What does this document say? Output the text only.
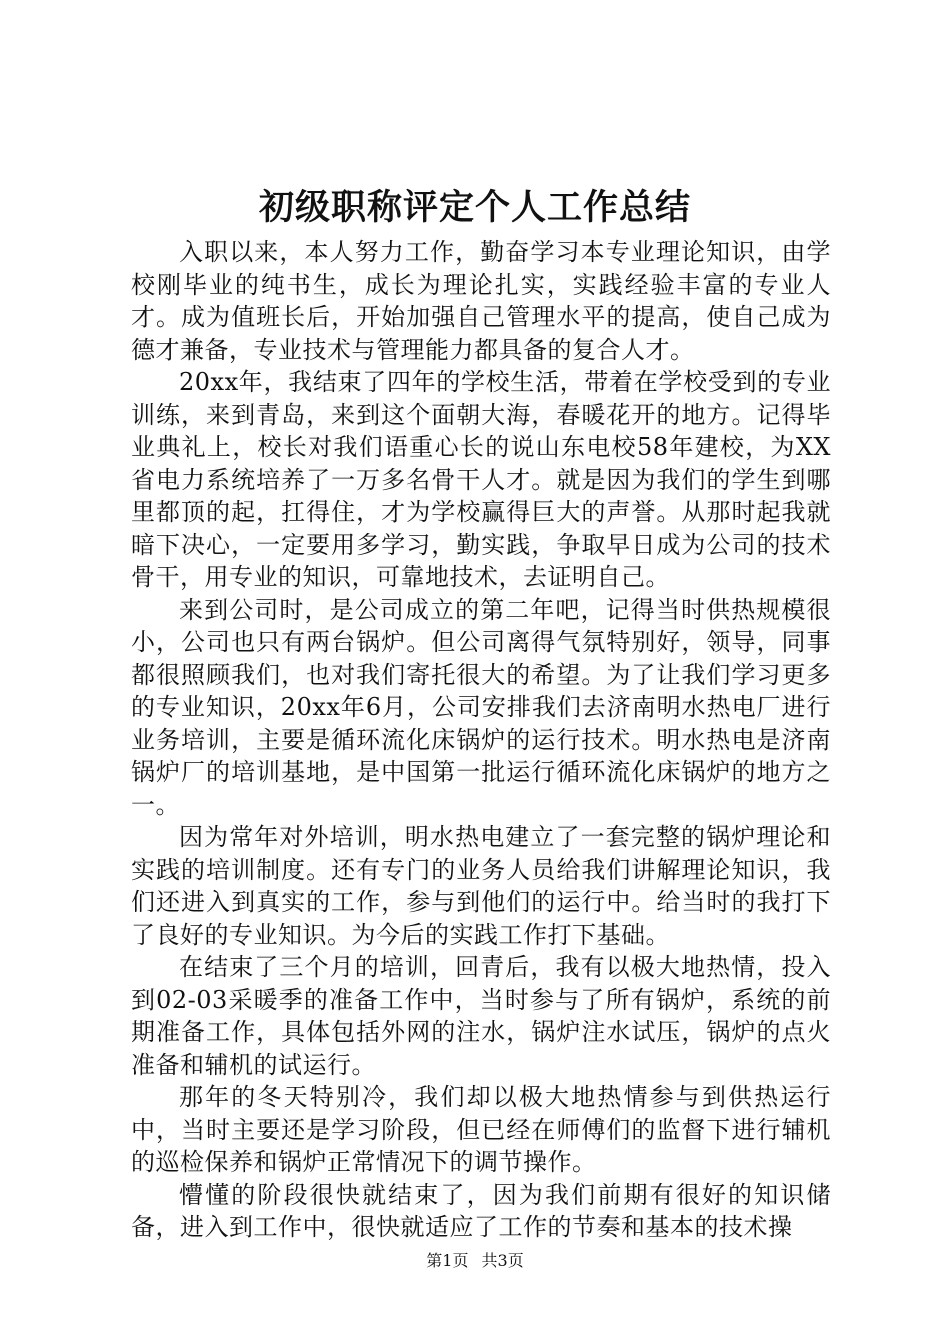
初级职称评定个人工作总结

入职以来，本人努力工作，勤奋学习本专业理论知识，由学校刚毕业的纯书生，成长为理论扎实，实践经验丰富的专业人才。成为值班长后，开始加强自己管理水平的提高，使自己成为德才兼备，专业技术与管理能力都具备的复合人才。

20xx年，我结束了四年的学校生活，带着在学校受到的专业训练，来到青岛，来到这个面朝大海，春暖花开的地方。记得毕业典礼上，校长对我们语重心长的说山东电校58年建校，为XX省电力系统培养了一万多名骨干人才。就是因为我们的学生到哪里都顶的起，扛得住，才为学校赢得巨大的声誉。从那时起我就暗下决心，一定要用多学习，勤实践，争取早日成为公司的技术骨干，用专业的知识，可靠地技术，去证明自己。

来到公司时，是公司成立的第二年吧，记得当时供热规模很小，公司也只有两台锅炉。但公司离得气氛特别好，领导，同事都很照顾我们，也对我们寄托很大的希望。为了让我们学习更多的专业知识，20xx年6月，公司安排我们去济南明水热电厂进行业务培训，主要是循环流化床锅炉的运行技术。明水热电是济南锅炉厂的培训基地，是中国第一批运行循环流化床锅炉的地方之一。

因为常年对外培训，明水热电建立了一套完整的锅炉理论和实践的培训制度。还有专门的业务人员给我们讲解理论知识，我们还进入到真实的工作，参与到他们的运行中。给当时的我打下了良好的专业知识。为今后的实践工作打下基础。

在结束了三个月的培训，回青后，我有以极大地热情，投入到02-03采暖季的准备工作中，当时参与了所有锅炉，系统的前期准备工作，具体包括外网的注水，锅炉注水试压，锅炉的点火准备和辅机的试运行。

那年的冬天特别冷，我们却以极大地热情参与到供热运行中，当时主要还是学习阶段，但已经在师傅们的监督下进行辅机的巡检保养和锅炉正常情况下的调节操作。

懵懂的阶段很快就结束了，因为我们前期有很好的知识储备，进入到工作中，很快就适应了工作的节奏和基本的技术操

第1页 共3页
